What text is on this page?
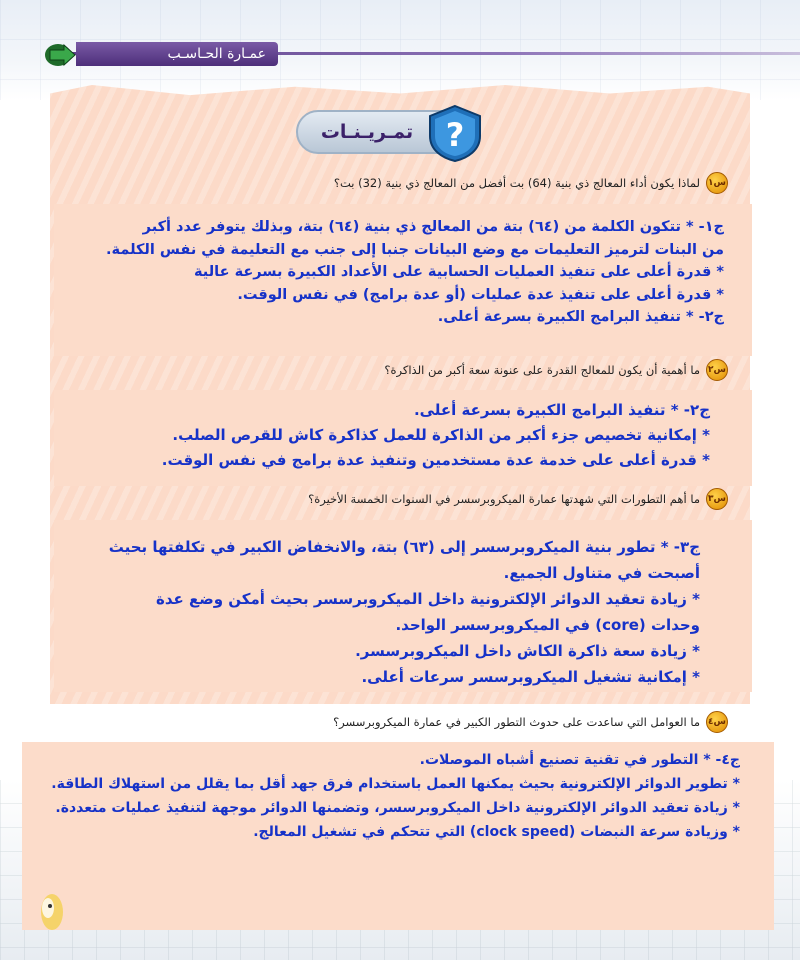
عمـارة الحـاسـب
تمـريـنـات ?
س١
لماذا يكون أداء المعالج ذي بنية (64) بت أفضل من المعالج ذي بنية (32) بت؟
ج١- * تتكون الكلمة من (٦٤) بتة من المعالج ذي بنية (٦٤) بتة، وبذلك يتوفر عدد أكبر
من البنات لترميز التعليمات مع وضع البيانات جنبا إلى جنب مع التعليمة في نفس الكلمة.
* قدرة أعلى على تنفيذ العمليات الحسابية على الأعداد الكبيرة بسرعة عالية
* قدرة أعلى على تنفيذ عدة عمليات (أو عدة برامج) في نفس الوقت.
ج٢- * تنفيذ البرامج الكبيرة بسرعة أعلى.
س٢
ما أهمية أن يكون للمعالج القدرة على عنونة سعة أكبر من الذاكرة؟
ج٢- * تنفيذ البرامج الكبيرة بسرعة أعلى.
* إمكانية تخصيص جزء أكبر من الذاكرة للعمل كذاكرة كاش للقرص الصلب.
* قدرة أعلى على خدمة عدة مستخدمين وتنفيذ عدة برامج في نفس الوقت.
س٣
ما أهم التطورات التي شهدتها عمارة الميكروبرسسر في السنوات الخمسة الأخيرة؟
ج٣- * تطور بنية الميكروبرسسر إلى (٦٣) بتة، والانخفاض الكبير في تكلفتها بحيث
أصبحت في متناول الجميع.
* زيادة تعقيد الدوائر الإلكترونية داخل الميكروبرسسر بحيث أمكن وضع عدة
وحدات (core) في الميكروبرسسر الواحد.
* زيادة سعة ذاكرة الكاش داخل الميكروبرسسر.
* إمكانية تشغيل الميكروبرسسر سرعات أعلى.
س٤
ما العوامل التي ساعدت على حدوث التطور الكبير في عمارة الميكروبرسسر؟
ج٤- * التطور في تقنية تصنيع أشباه الموصلات.
* تطوير الدوائر الإلكترونية بحيث يمكنها العمل باستخدام فرق جهد أقل بما يقلل من استهلاك الطاقة.
* زيادة تعقيد الدوائر الإلكترونية داخل الميكروبرسسر، وتضمنها الدوائر موجهة لتنفيذ عمليات متعددة.
* وزيادة سرعة النبضات (clock speed) التي تتحكم في تشغيل المعالج.
